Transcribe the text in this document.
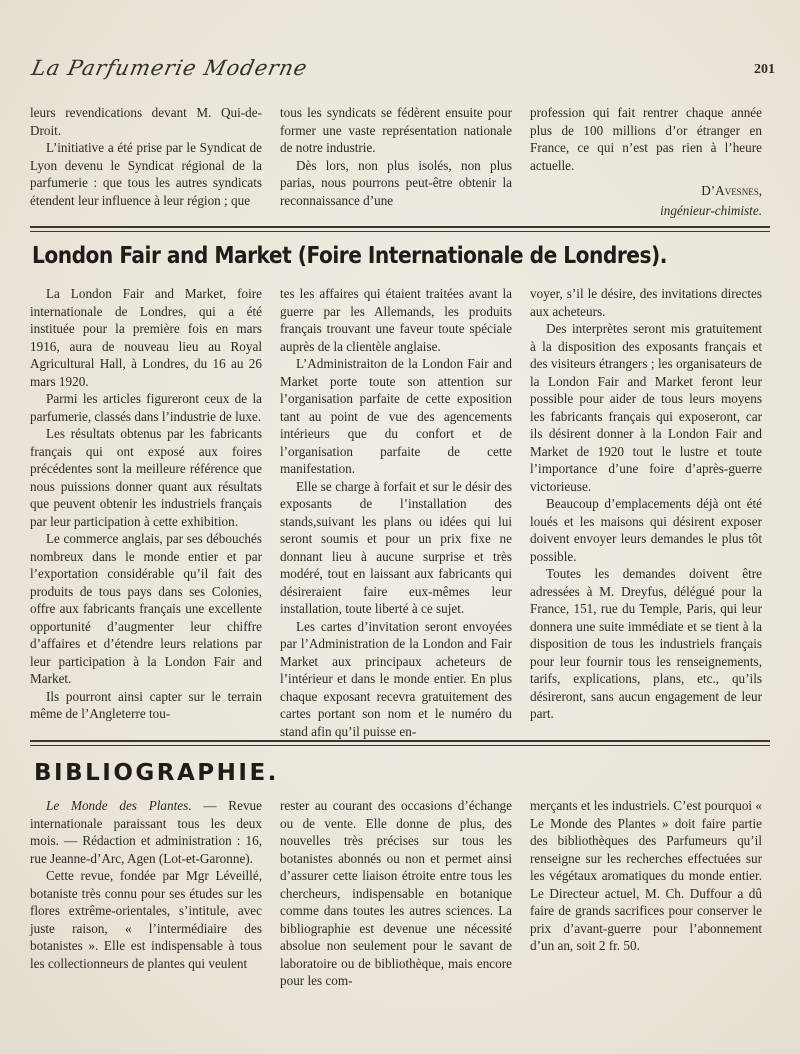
La Parfumerie Moderne	201

leurs revendications devant M. Qui-de-Droit.

L’initiative a été prise par le Syndicat de Lyon devenu le Syndicat régional de la parfumerie : que tous les autres syndicats étendent leur influence à leur région ; que

tous les syndicats se fédèrent ensuite pour former une vaste représentation nationale de notre industrie.

Dès lors, non plus isolés, non plus parias, nous pourrons peut-être obtenir la reconnaissance d’une

profession qui fait rentrer chaque année plus de 100 millions d’or étranger en France, ce qui n’est pas rien à l’heure actuelle.

D’Avesnes,

ingénieur-chimiste.

London Fair and Market (Foire Internationale de Londres).

La London Fair and Market, foire internationale de Londres, qui a été instituée pour la première fois en mars 1916, aura de nouveau lieu au Royal Agricultural Hall, à Londres, du 16 au 26 mars 1920.

Parmi les articles figureront ceux de la parfumerie, classés dans l’industrie de luxe.

Les résultats obtenus par les fabricants français qui ont exposé aux foires précédentes sont la meilleure référence que nous puissions donner quant aux résultats que peuvent obtenir les industriels français par leur participation à cette exhibition.

Le commerce anglais, par ses débouchés nombreux dans le monde entier et par l’exportation considérable qu’il fait des produits de tous pays dans ses Colonies, offre aux fabricants français une excellente opportunité d’augmenter leur chiffre d’affaires et d’étendre leurs relations par leur participation à la London Fair and Market.

Ils pourront ainsi capter sur le terrain même de l’Angleterre tou-

tes les affaires qui étaient traitées avant la guerre par les Allemands, les produits français trouvant une faveur toute spéciale auprès de la clientèle anglaise.

L’Administraiton de la London Fair and Market porte toute son attention sur l’organisation parfaite de cette exposition tant au point de vue des agencements intérieurs que du confort et de l’organisation parfaite de cette manifestation.

Elle se charge à forfait et sur le désir des exposants de l’installation des stands,suivant les plans ou idées qui lui seront soumis et pour un prix fixe ne donnant lieu à aucune surprise et très modéré, tout en laissant aux fabricants qui désireraient faire eux-mêmes leur installation, toute liberté à ce sujet.

Les cartes d’invitation seront envoyées par l’Administration de la London and Fair Market aux principaux acheteurs de l’intérieur et dans le monde entier. En plus chaque exposant recevra gratuitement des cartes portant son nom et le numéro du stand afin qu’il puisse en-

voyer, s’il le désire, des invitations directes aux acheteurs.

Des interprètes seront mis gratuitement à la disposition des exposants français et des visiteurs étrangers ; les organisateurs de la London Fair and Market feront leur possible pour aider de tous leurs moyens les fabricants français qui exposeront, car ils désirent donner à la London Fair and Market de 1920 tout le lustre et toute l’importance d’une foire d’après-guerre victorieuse.

Beaucoup d’emplacements déjà ont été loués et les maisons qui désirent exposer doivent envoyer leurs demandes le plus tôt possible.

Toutes les demandes doivent être adressées à M. Dreyfus, délégué pour la France, 151, rue du Temple, Paris, qui leur donnera une suite immédiate et se tient à la disposition de tous les industriels français pour leur fournir tous les renseignements, tarifs, explications, plans, etc., qu’ils désireront, sans aucun engagement de leur part.

BIBLIOGRAPHIE.

Le Monde des Plantes. — Revue internationale paraissant tous les deux mois. — Rédaction et administration : 16, rue Jeanne-d’Arc, Agen (Lot-et-Garonne).

Cette revue, fondée par Mgr Léveillé, botaniste très connu pour ses études sur les flores extrême-orientales, s’intitule, avec juste raison, « l’intermédiaire des botanistes ». Elle est indispensable à tous les collectionneurs de plantes qui veulent

rester au courant des occasions d’échange ou de vente. Elle donne de plus, des nouvelles très précises sur tous les botanistes abonnés ou non et permet ainsi d’assurer cette liaison étroite entre tous les chercheurs, indispensable en botanique comme dans toutes les autres sciences. La bibliographie est devenue une nécessité absolue non seulement pour le savant de laboratoire ou de bibliothèque, mais encore pour les com-

merçants et les industriels. C’est pourquoi « Le Monde des Plantes » doit faire partie des bibliothèques des Parfumeurs qu’il renseigne sur les recherches effectuées sur les végétaux aromatiques du monde entier. Le Directeur actuel, M. Ch. Duffour a dû faire de grands sacrifices pour conserver le prix d’avant-guerre pour l’abonnement d’un an, soit 2 fr. 50.
